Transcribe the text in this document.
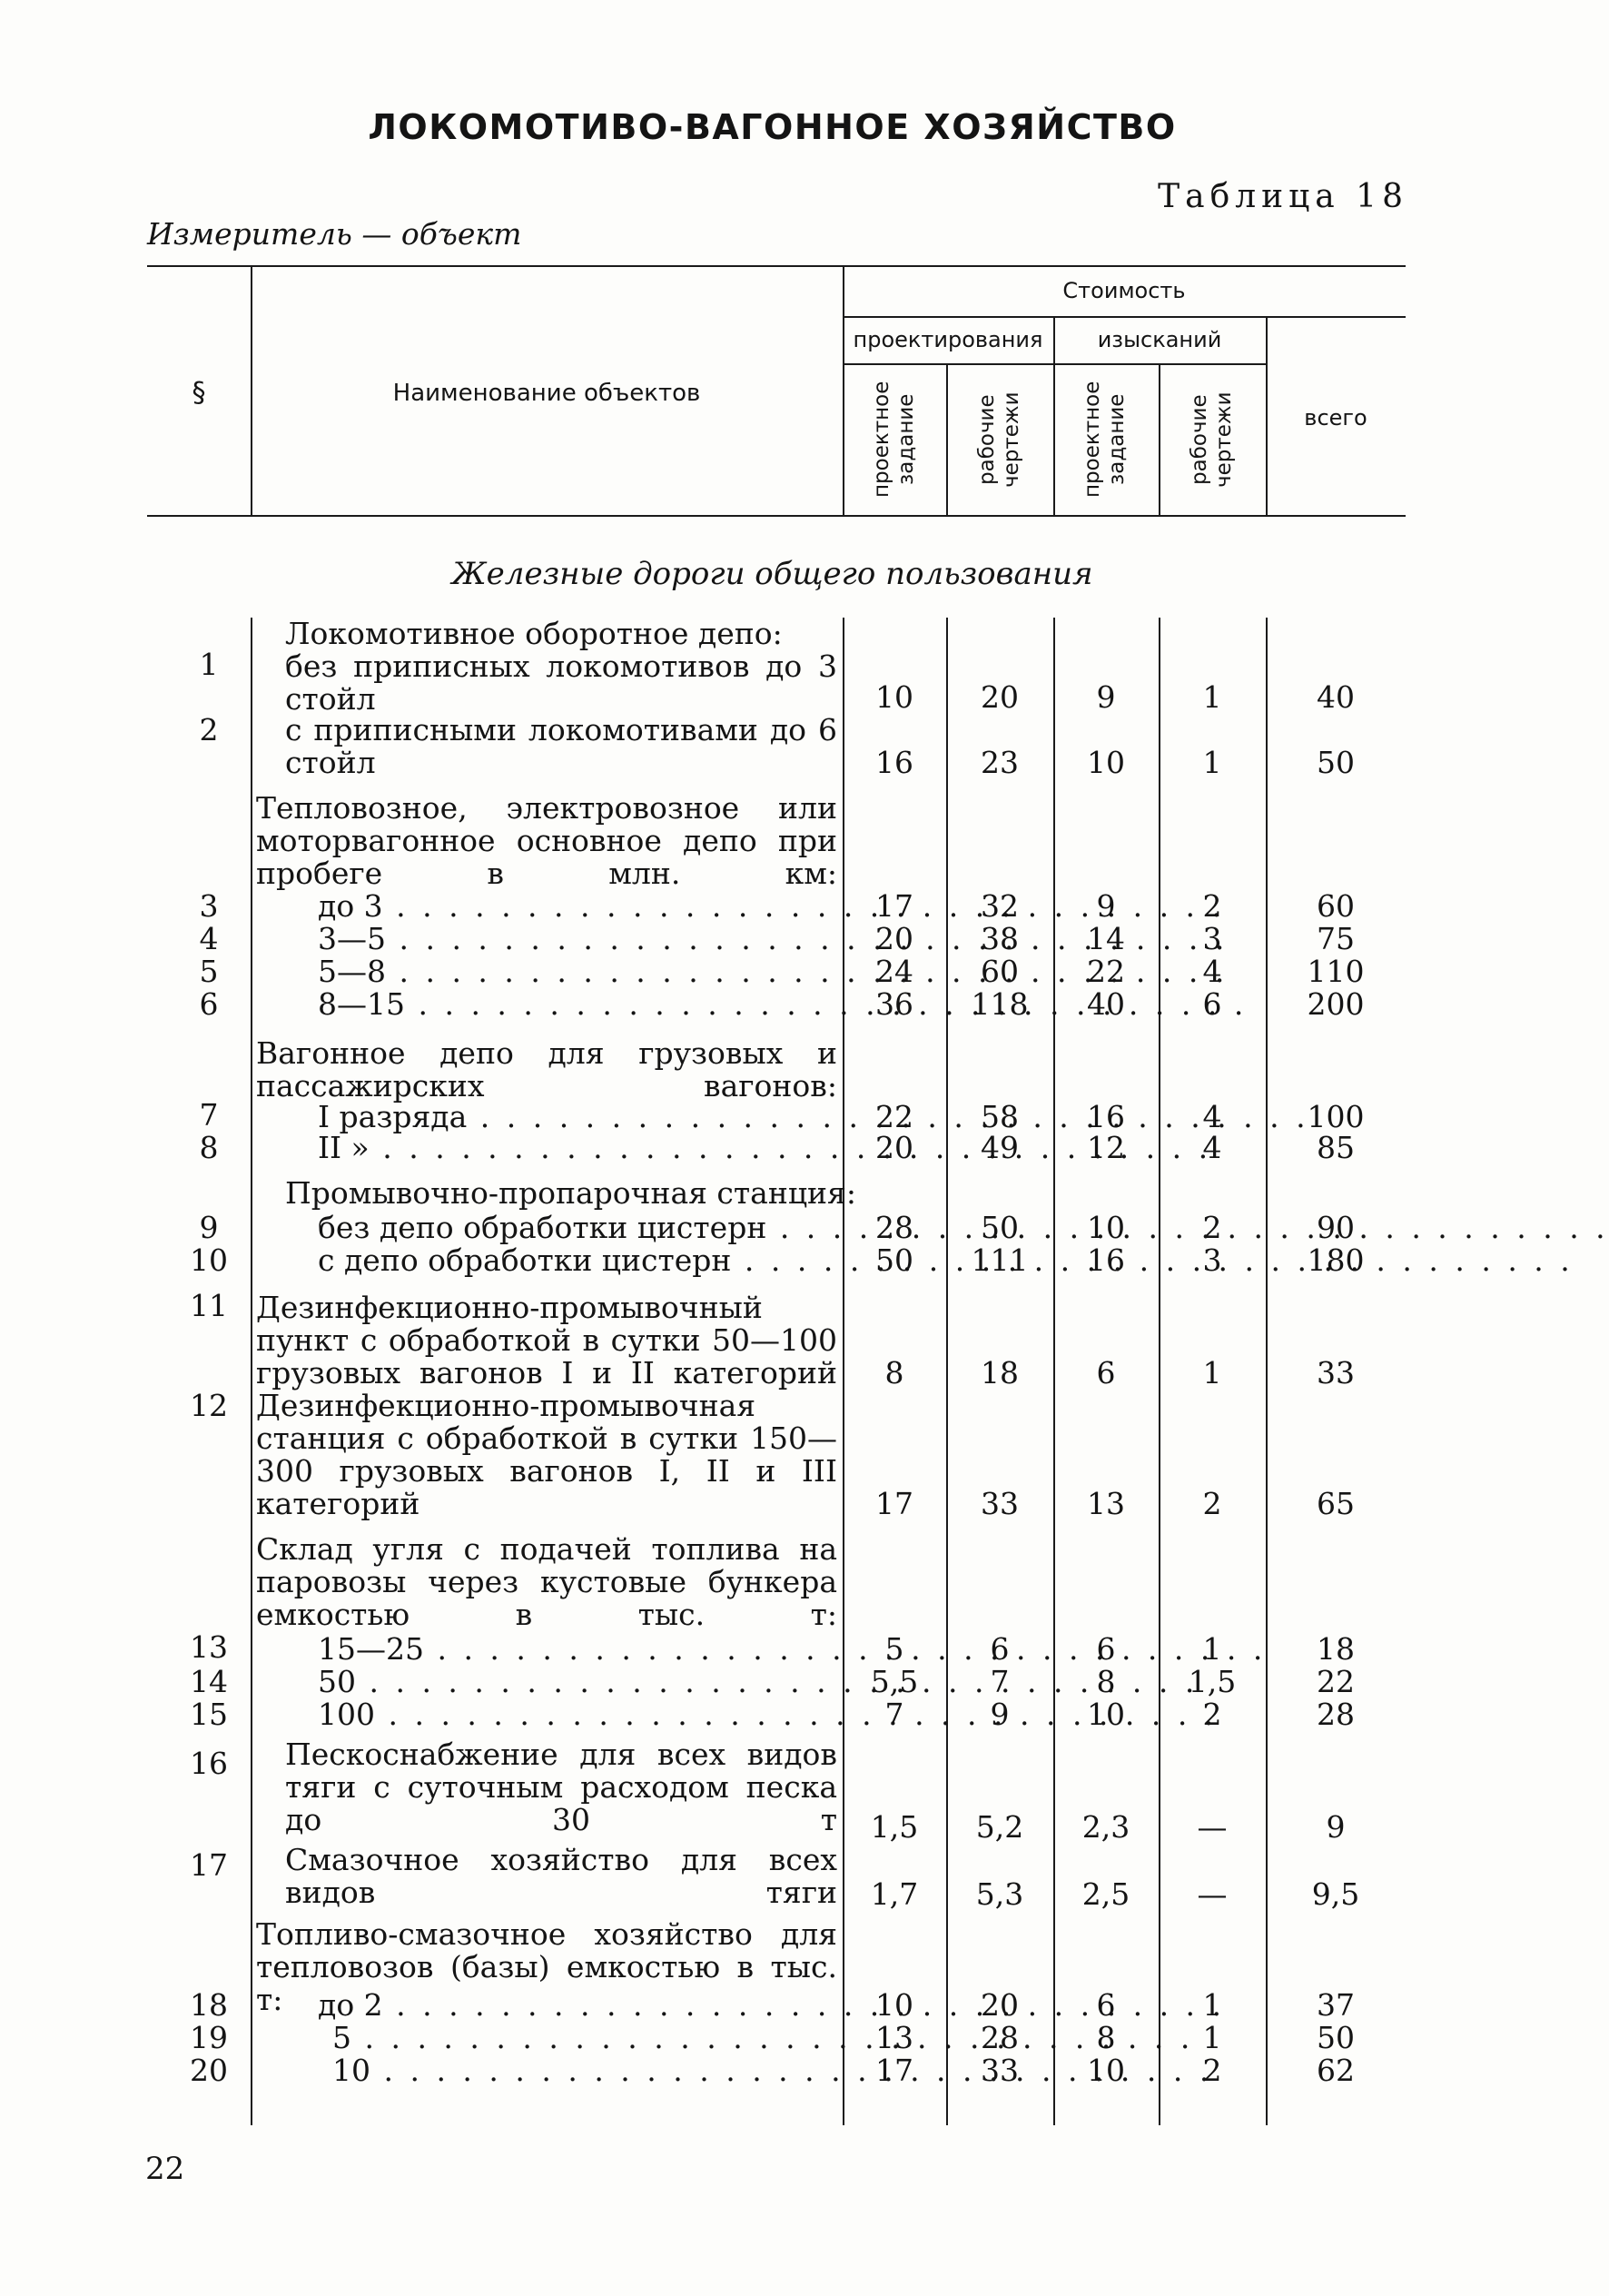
ЛОКОМОТИВО-ВАГОННОЕ ХОЗЯЙСТВО
Таблица 18
Измеритель — объект
§	Наименование объектов
Стоимость
проектирования	изысканий
проектное задание	рабочие чертежи	проектное задание	рабочие чертежи	всего
Железные дороги общего пользования
Локомотивное оборотное депо:
Тепловозное, электровозное или моторвагонное основное депо при пробеге в млн. км:
Вагонное депо для грузовых и пассажирских вагонов:
Промывочно-пропарочная станция:
Склад угля с подачей топлива на паровозы через кустовые бункера емкостью в тыс. т:
Топливо-смазочное хозяйство для тепловозов (базы) емкостью в тыс. т:
1	без приписных локомотивов до 3 стойл	10	20	9	1	40
2	с приписными локомотивами до 6 стойл	16	23	10	1	50
3	до 3 . . .	17	32	9	2	60
4	3—5 . . .	20	38	14	3	75
5	5—8 . . .	24	60	22	4	110
6	8—15 . . .	36	118	40	6	200
7	I разряда . . .	22	58	16	4	100
8	II » . . .	20	49	12	4	85
9	без депо обработки цистерн . . .	28	50	10	2	90
10	с депо обработки цистерн . . .	50	111	16	3	180
11 Дезинфекционно-промывочный пункт с обработкой в сутки 50—100 грузовых вагонов I и II категорий	8	18	6	1	33
12 Дезинфекционно-промывочная станция с обработкой в сутки 150—300 грузовых вагонов I, II и III категорий	17	33	13	2	65
13	15—25 . . .	5	6	6	1	18
14	50 . . .	5,5	7	8	1,5	22
15	100 . . .	7	9	10	2	28
16	Пескоснабжение для всех видов тяги с суточным расходом песка до 30 т	1,5	5,2	2,3	—	9
17	Смазочное хозяйство для всех видов тяги	1,7	5,3	2,5	—	9,5
18	до 2 . . .	10	20	6	1	37
19	5 . . .	13	28	8	1	50
20	10 . . .	17	33	10	2	62
22
